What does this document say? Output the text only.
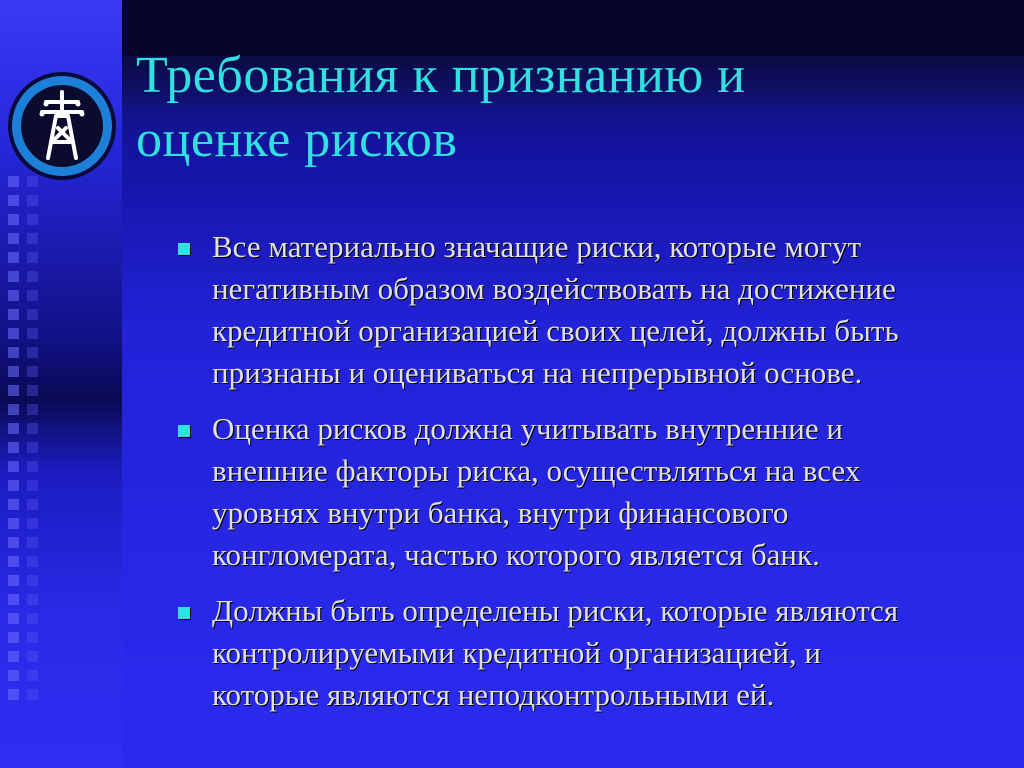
Требования к признанию и
оценке рисков
Все материально значащие риски, которые могут
негативным образом воздействовать на достижение
кредитной организацией своих целей, должны быть
признаны и оцениваться на непрерывной основе.
Оценка рисков должна учитывать внутренние и
внешние факторы риска, осуществляться на всех
уровнях внутри банка, внутри финансового
конгломерата, частью которого является банк.
Должны быть определены риски, которые являются
контролируемыми кредитной организацией, и
которые являются неподконтрольными ей.
